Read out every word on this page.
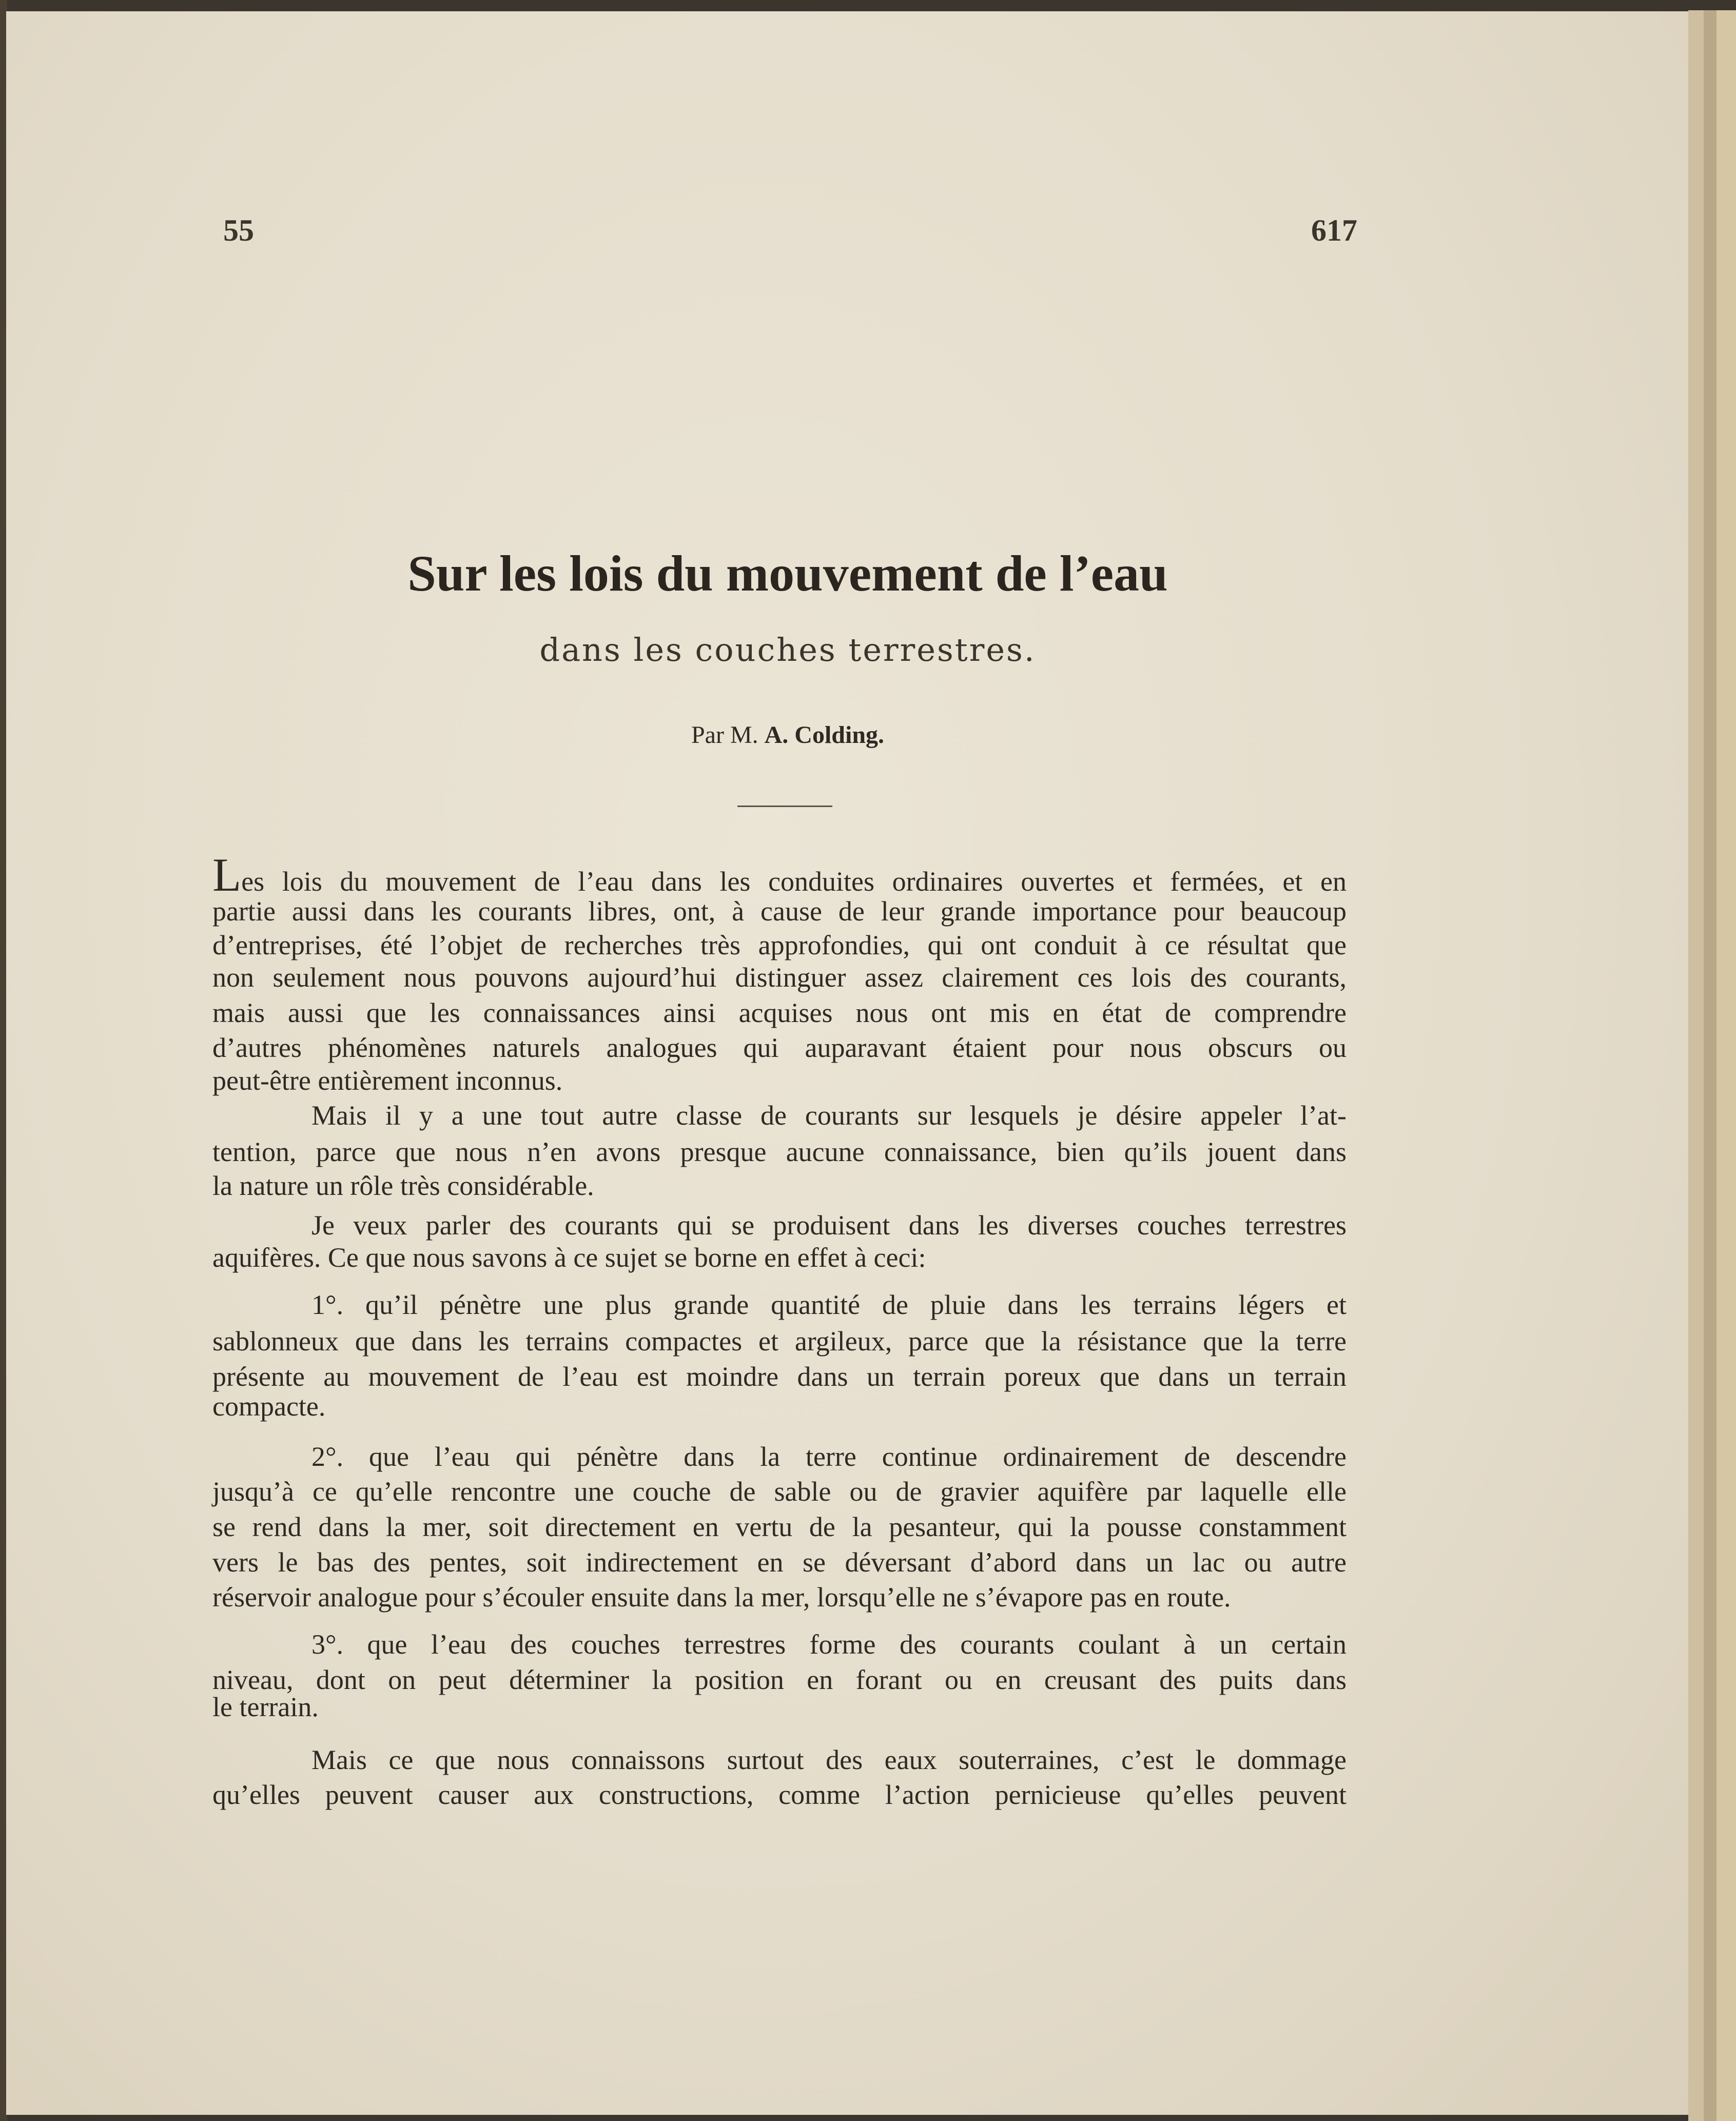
55	617
Sur les lois du mouvement de l’eau
dans les couches terrestres.
Par M. A. Colding.
Les lois du mouvement de l’eau dans les conduites ordinaires ouvertes et fermées, et en
partie aussi dans les courants libres, ont, à cause de leur grande importance pour beaucoup
d’entreprises, été l’objet de recherches très approfondies, qui ont conduit à ce résultat que
non seulement nous pouvons aujourd’hui distinguer assez clairement ces lois des courants,
mais aussi que les connaissances ainsi acquises nous ont mis en état de comprendre
d’autres phénomènes naturels analogues qui auparavant étaient pour nous obscurs ou
peut-être entièrement inconnus.
Mais il y a une tout autre classe de courants sur lesquels je désire appeler l’at-
tention, parce que nous n’en avons presque aucune connaissance, bien qu’ils jouent dans
la nature un rôle très considérable.
Je veux parler des courants qui se produisent dans les diverses couches terrestres
aquifères. Ce que nous savons à ce sujet se borne en effet à ceci:
1°. qu’il pénètre une plus grande quantité de pluie dans les terrains légers et
sablonneux que dans les terrains compactes et argileux, parce que la résistance que la terre
présente au mouvement de l’eau est moindre dans un terrain poreux que dans un terrain
compacte.
2°. que l’eau qui pénètre dans la terre continue ordinairement de descendre
jusqu’à ce qu’elle rencontre une couche de sable ou de gravier aquifère par laquelle elle
se rend dans la mer, soit directement en vertu de la pesanteur, qui la pousse constamment
vers le bas des pentes, soit indirectement en se déversant d’abord dans un lac ou autre
réservoir analogue pour s’écouler ensuite dans la mer, lorsqu’elle ne s’évapore pas en route.
3°. que l’eau des couches terrestres forme des courants coulant à un certain
niveau, dont on peut déterminer la position en forant ou en creusant des puits dans
le terrain.
Mais ce que nous connaissons surtout des eaux souterraines, c’est le dommage
qu’elles peuvent causer aux constructions, comme l’action pernicieuse qu’elles peuvent
